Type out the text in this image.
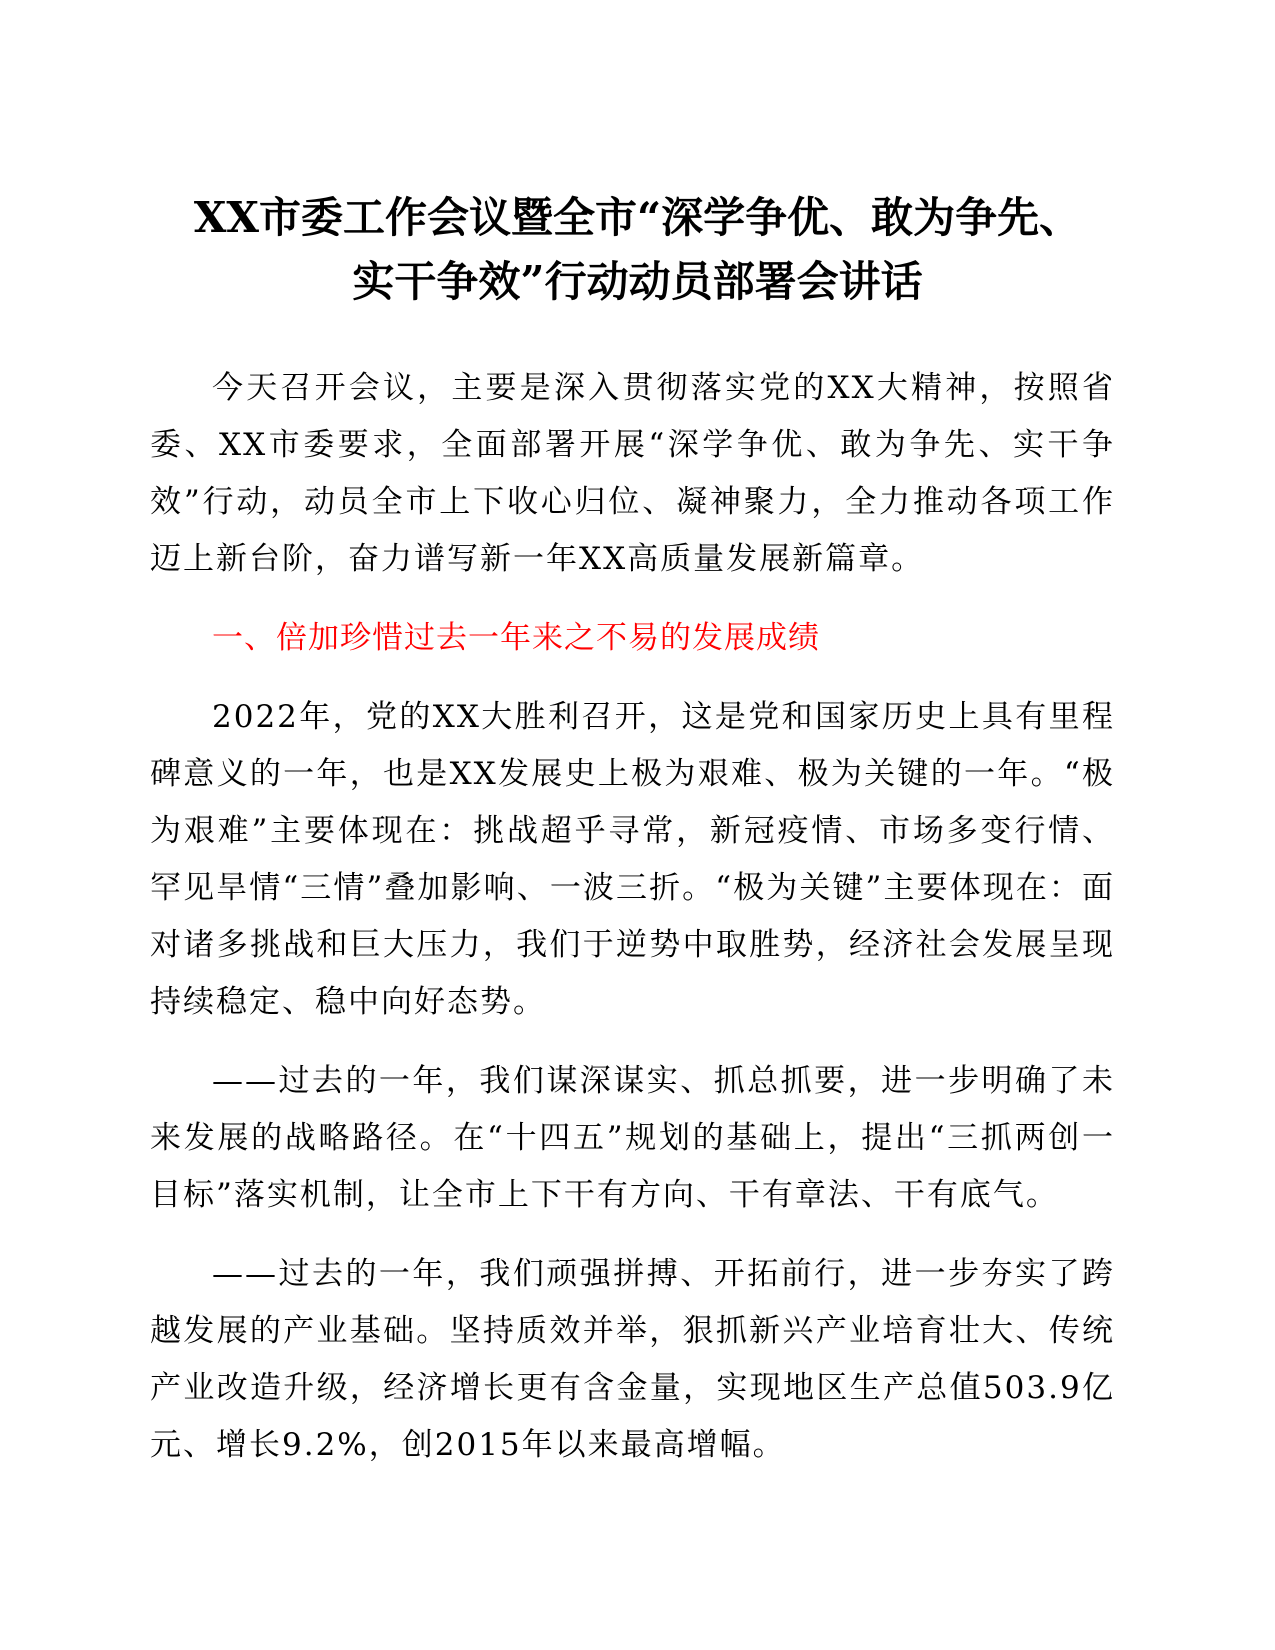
XX市委工作会议暨全市“深学争优、敢为争先、
实干争效”行动动员部署会讲话

今天召开会议，主要是深入贯彻落实党的XX大精神，按照省委、XX市委要求，全面部署开展“深学争优、敢为争先、实干争效”行动，动员全市上下收心归位、凝神聚力，全力推动各项工作迈上新台阶，奋力谱写新一年XX高质量发展新篇章。

一、倍加珍惜过去一年来之不易的发展成绩

2022年，党的XX大胜利召开，这是党和国家历史上具有里程碑意义的一年，也是XX发展史上极为艰难、极为关键的一年。“极为艰难”主要体现在：挑战超乎寻常，新冠疫情、市场多变行情、罕见旱情“三情”叠加影响、一波三折。“极为关键”主要体现在：面对诸多挑战和巨大压力，我们于逆势中取胜势，经济社会发展呈现持续稳定、稳中向好态势。

——过去的一年，我们谋深谋实、抓总抓要，进一步明确了未来发展的战略路径。在“十四五”规划的基础上，提出“三抓两创一目标”落实机制，让全市上下干有方向、干有章法、干有底气。

——过去的一年，我们顽强拼搏、开拓前行，进一步夯实了跨越发展的产业基础。坚持质效并举，狠抓新兴产业培育壮大、传统产业改造升级，经济增长更有含金量，实现地区生产总值503.9亿元、增长9.2%，创2015年以来最高增幅。
